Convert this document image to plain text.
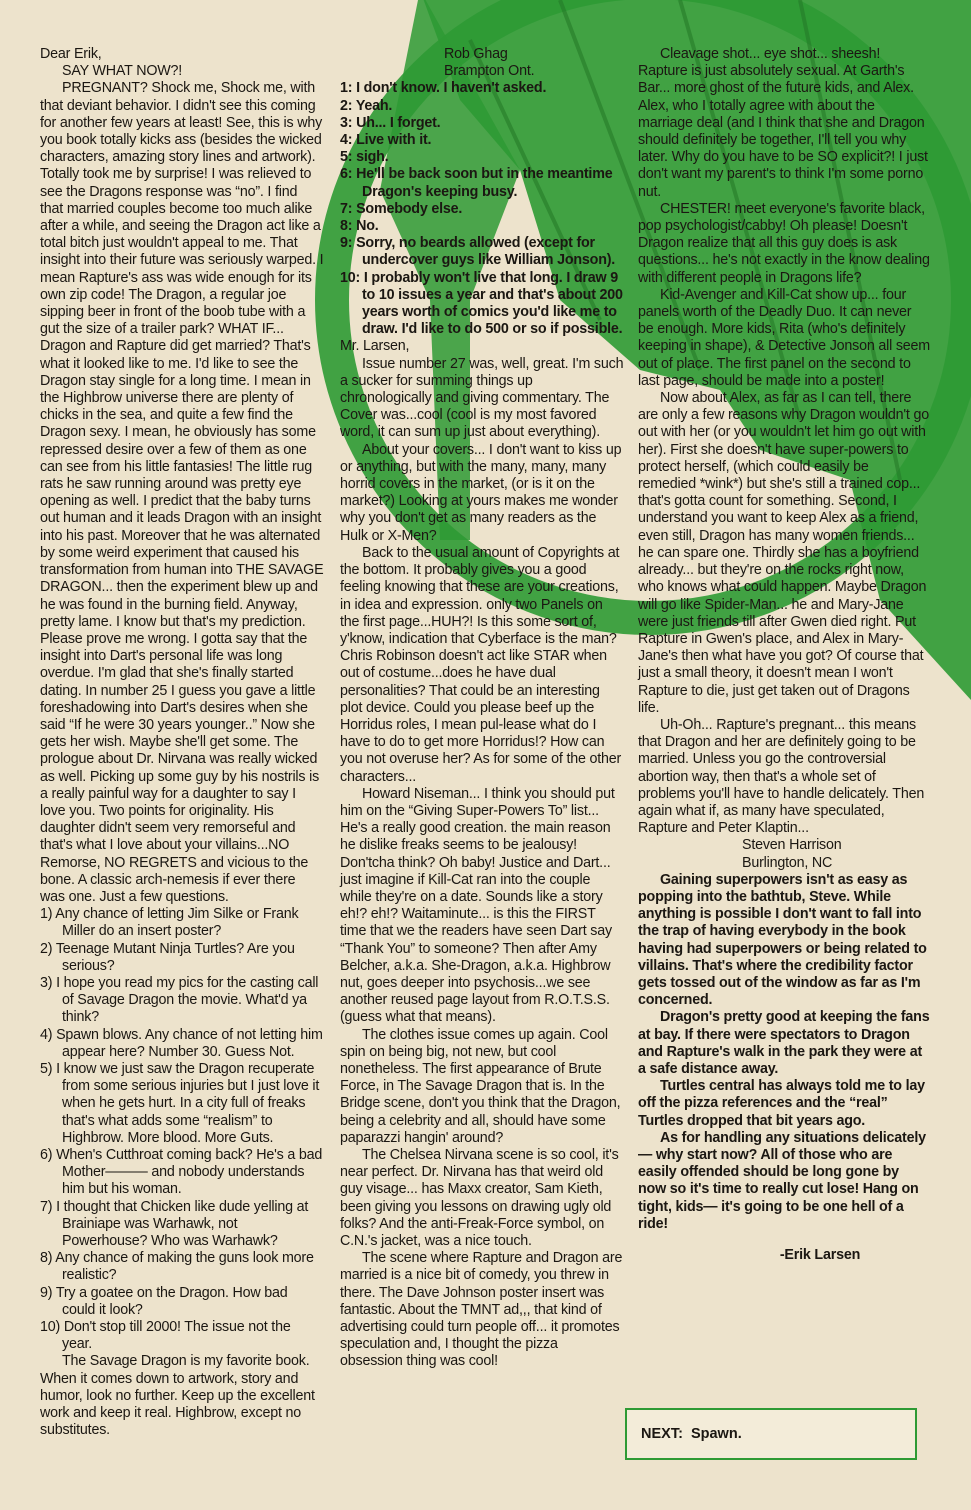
Dear Erik,

SAY WHAT NOW?!

PREGNANT? Shock me, Shock me, with that deviant behavior. I didn't see this coming for another few years at least! See, this is why you book totally kicks ass (besides the wicked characters, amazing story lines and artwork). Totally took me by surprise! I was relieved to see the Dragons response was “no”. I find that married couples become too much alike after a while, and seeing the Dragon act like a total bitch just wouldn't appeal to me. That insight into their future was seriously warped. I mean Rapture's ass was wide enough for its own zip code! The Dragon, a regular joe sipping beer in front of the boob tube with a gut the size of a trailer park? WHAT IF... Dragon and Rapture did get married? That's what it looked like to me. I'd like to see the Dragon stay single for a long time. I mean in the Highbrow universe there are plenty of chicks in the sea, and quite a few find the Dragon sexy. I mean, he obviously has some repressed desire over a few of them as one can see from his little fantasies! The little rug rats he saw running around was pretty eye opening as well. I predict that the baby turns out human and it leads Dragon with an insight into his past. Moreover that he was alternated by some weird experiment that caused his transformation from human into THE SAVAGE DRAGON... then the experiment blew up and he was found in the burning field. Anyway, pretty lame. I know but that's my prediction. Please prove me wrong. I gotta say that the insight into Dart's personal life was long overdue. I'm glad that she's finally started dating. In number 25 I guess you gave a little foreshadowing into Dart's desires when she said “If he were 30 years younger..” Now she gets her wish. Maybe she'll get some. The prologue about Dr. Nirvana was really wicked as well. Picking up some guy by his nostrils is a really painful way for a daughter to say I love you. Two points for originality. His daughter didn't seem very remorseful and that's what I love about your villains...NO Remorse, NO REGRETS and vicious to the bone. A classic arch-nemesis if ever there was one. Just a few questions.

1) Any chance of letting Jim Silke or Frank Miller do an insert poster?
2) Teenage Mutant Ninja Turtles? Are you serious?
3) I hope you read my pics for the casting call of Savage Dragon the movie. What'd ya think?
4) Spawn blows. Any chance of not letting him appear here? Number 30. Guess Not.
5) I know we just saw the Dragon recuperate from some serious injuries but I just love it when he gets hurt. In a city full of freaks that's what adds some “realism” to Highbrow. More blood. More Guts.
6) When's Cutthroat coming back? He's a bad Mother——— and nobody understands him but his woman.
7) I thought that Chicken like dude yelling at Brainiape was Warhawk, not Powerhouse? Who was Warhawk?
8) Any chance of making the guns look more realistic?
9) Try a goatee on the Dragon. How bad could it look?
10) Don't stop till 2000! The issue not the year.

The Savage Dragon is my favorite book. When it comes down to artwork, story and humor, look no further. Keep up the excellent work and keep it real. Highbrow, except no substitutes.

Rob Ghag

Brampton Ont.

1: I don't know. I haven't asked.
2: Yeah.
3: Uh... I forget.
4: Live with it.
5: sigh.
6: He'll be back soon but in the meantime Dragon's keeping busy.
7: Somebody else.
8: No.
9: Sorry, no beards allowed (except for undercover guys like William Jonson).
10: I probably won't live that long. I draw 9 to 10 issues a year and that's about 200 years worth of comics you'd like me to draw. I'd like to do 500 or so if possible.

Mr. Larsen,

Issue number 27 was, well, great. I'm such a sucker for summing things up chronologically and giving commentary. The Cover was...cool (cool is my most favored word, it can sum up just about everything).

About your covers... I don't want to kiss up or anything, but with the many, many, many horrid covers in the market, (or is it on the market?) Looking at yours makes me wonder why you don't get as many readers as the Hulk or X-Men?

Back to the usual amount of Copyrights at the bottom. It probably gives you a good feeling knowing that these are your creations, in idea and expression. only two Panels on the first page...HUH?! Is this some sort of, y'know, indication that Cyberface is the man? Chris Robinson doesn't act like STAR when out of costume...does he have dual personalities? That could be an interesting plot device. Could you please beef up the Horridus roles, I mean pul-lease what do I have to do to get more Horridus!? How can you not overuse her? As for some of the other characters...

Howard Niseman... I think you should put him on the “Giving Super-Powers To” list... He's a really good creation. the main reason he dislike freaks seems to be jealousy! Don'tcha think? Oh baby! Justice and Dart... just imagine if Kill-Cat ran into the couple while they're on a date. Sounds like a story eh!? eh!? Waitaminute... is this the FIRST time that we the readers have seen Dart say “Thank You” to someone? Then after Amy Belcher, a.k.a. She-Dragon, a.k.a. Highbrow nut, goes deeper into psychosis...we see another reused page layout from R.O.T.S.S. (guess what that means).

The clothes issue comes up again. Cool spin on being big, not new, but cool nonetheless. The first appearance of Brute Force, in The Savage Dragon that is. In the Bridge scene, don't you think that the Dragon, being a celebrity and all, should have some paparazzi hangin' around?

The Chelsea Nirvana scene is so cool, it's near perfect. Dr. Nirvana has that weird old guy visage... has Maxx creator, Sam Kieth, been giving you lessons on drawing ugly old folks? And the anti-Freak-Force symbol, on C.N.'s jacket, was a nice touch.

The scene where Rapture and Dragon are married is a nice bit of comedy, you threw in there. The Dave Johnson poster insert was fantastic. About the TMNT ad,,, that kind of advertising could turn people off... it promotes speculation and, I thought the pizza obsession thing was cool!

Cleavage shot... eye shot... sheesh! Rapture is just absolutely sexual. At Garth's Bar... more ghost of the future kids, and Alex. Alex, who I totally agree with about the marriage deal (and I think that she and Dragon should definitely be together, I'll tell you why later. Why do you have to be SO explicit?! I just don't want my parent's to think I'm some porno nut.

CHESTER! meet everyone's favorite black, pop psychologist/cabby! Oh please! Doesn't Dragon realize that all this guy does is ask questions... he's not exactly in the know dealing with different people in Dragons life?

Kid-Avenger and Kill-Cat show up... four panels worth of the Deadly Duo. It can never be enough. More kids, Rita (who's definitely keeping in shape), & Detective Jonson all seem out of place. The first panel on the second to last page, should be made into a poster!

Now about Alex, as far as I can tell, there are only a few reasons why Dragon wouldn't go out with her (or you wouldn't let him go out with her). First she doesn't have super-powers to protect herself, (which could easily be remedied *wink*) but she's still a trained cop... that's gotta count for something. Second, I understand you want to keep Alex as a friend, even still, Dragon has many women friends... he can spare one. Thirdly she has a boyfriend already... but they're on the rocks right now, who knows what could happen. Maybe Dragon will go like Spider-Man... he and Mary-Jane were just friends till after Gwen died right. Put Rapture in Gwen's place, and Alex in Mary-Jane's then what have you got? Of course that just a small theory, it doesn't mean I won't Rapture to die, just get taken out of Dragons life.

Uh-Oh... Rapture's pregnant... this means that Dragon and her are definitely going to be married. Unless you go the controversial abortion way, then that's a whole set of problems you'll have to handle delicately. Then again what if, as many have speculated, Rapture and Peter Klaptin...

Steven Harrison

Burlington, NC

Gaining superpowers isn't as easy as popping into the bathtub, Steve. While anything is possible I don't want to fall into the trap of having everybody in the book having had superpowers or being related to villains. That's where the credibility factor gets tossed out of the window as far as I'm concerned.

Dragon's pretty good at keeping the fans at bay. If there were spectators to Dragon and Rapture's walk in the park they were at a safe distance away.

Turtles central has always told me to lay off the pizza references and the “real” Turtles dropped that bit years ago.

As for handling any situations delicately— why start now? All of those who are easily offended should be long gone by now so it's time to really cut lose! Hang on tight, kids— it's going to be one hell of a ride!

-Erik Larsen

NEXT:
Spawn.
